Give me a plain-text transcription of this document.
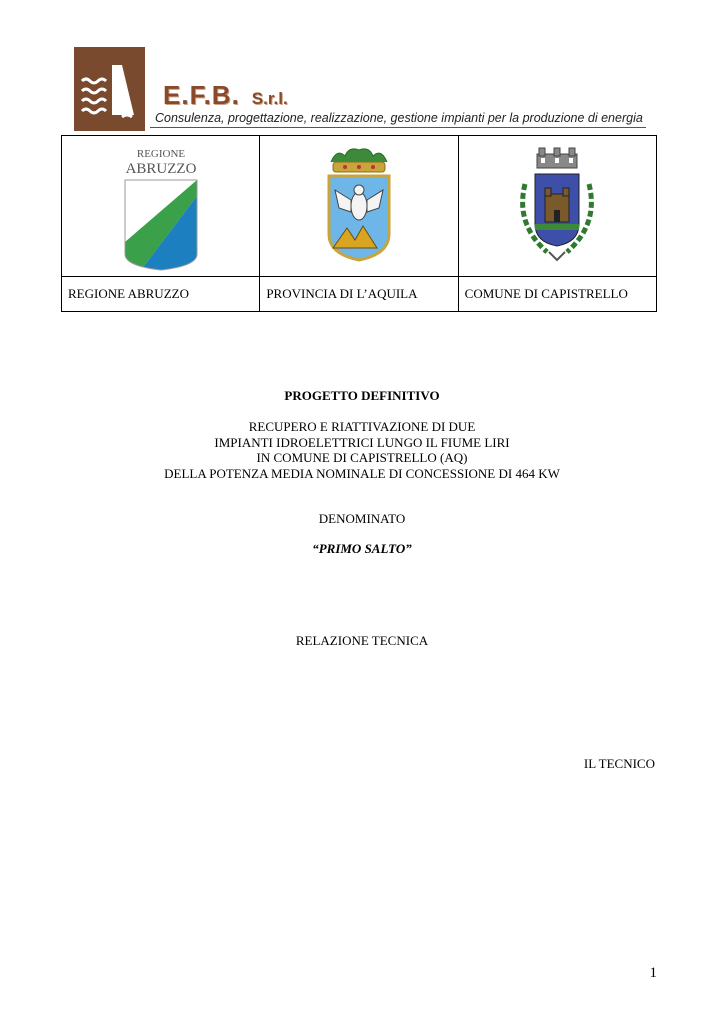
E.F.B. S.r.l.
Consulenza, progettazione, realizzazione, gestione impianti per la produzione di energia
REGIONE
ABRUZZO

REGIONE ABRUZZO	PROVINCIA DI L’AQUILA	COMUNE DI CAPISTRELLO
PROGETTO DEFINITIVO
RECUPERO E RIATTIVAZIONE DI DUE
IMPIANTI IDROELETTRICI LUNGO IL FIUME LIRI
IN COMUNE DI CAPISTRELLO (AQ)
DELLA POTENZA MEDIA NOMINALE DI CONCESSIONE DI 464 KW
DENOMINATO
“PRIMO SALTO”
RELAZIONE TECNICA
IL TECNICO
1
